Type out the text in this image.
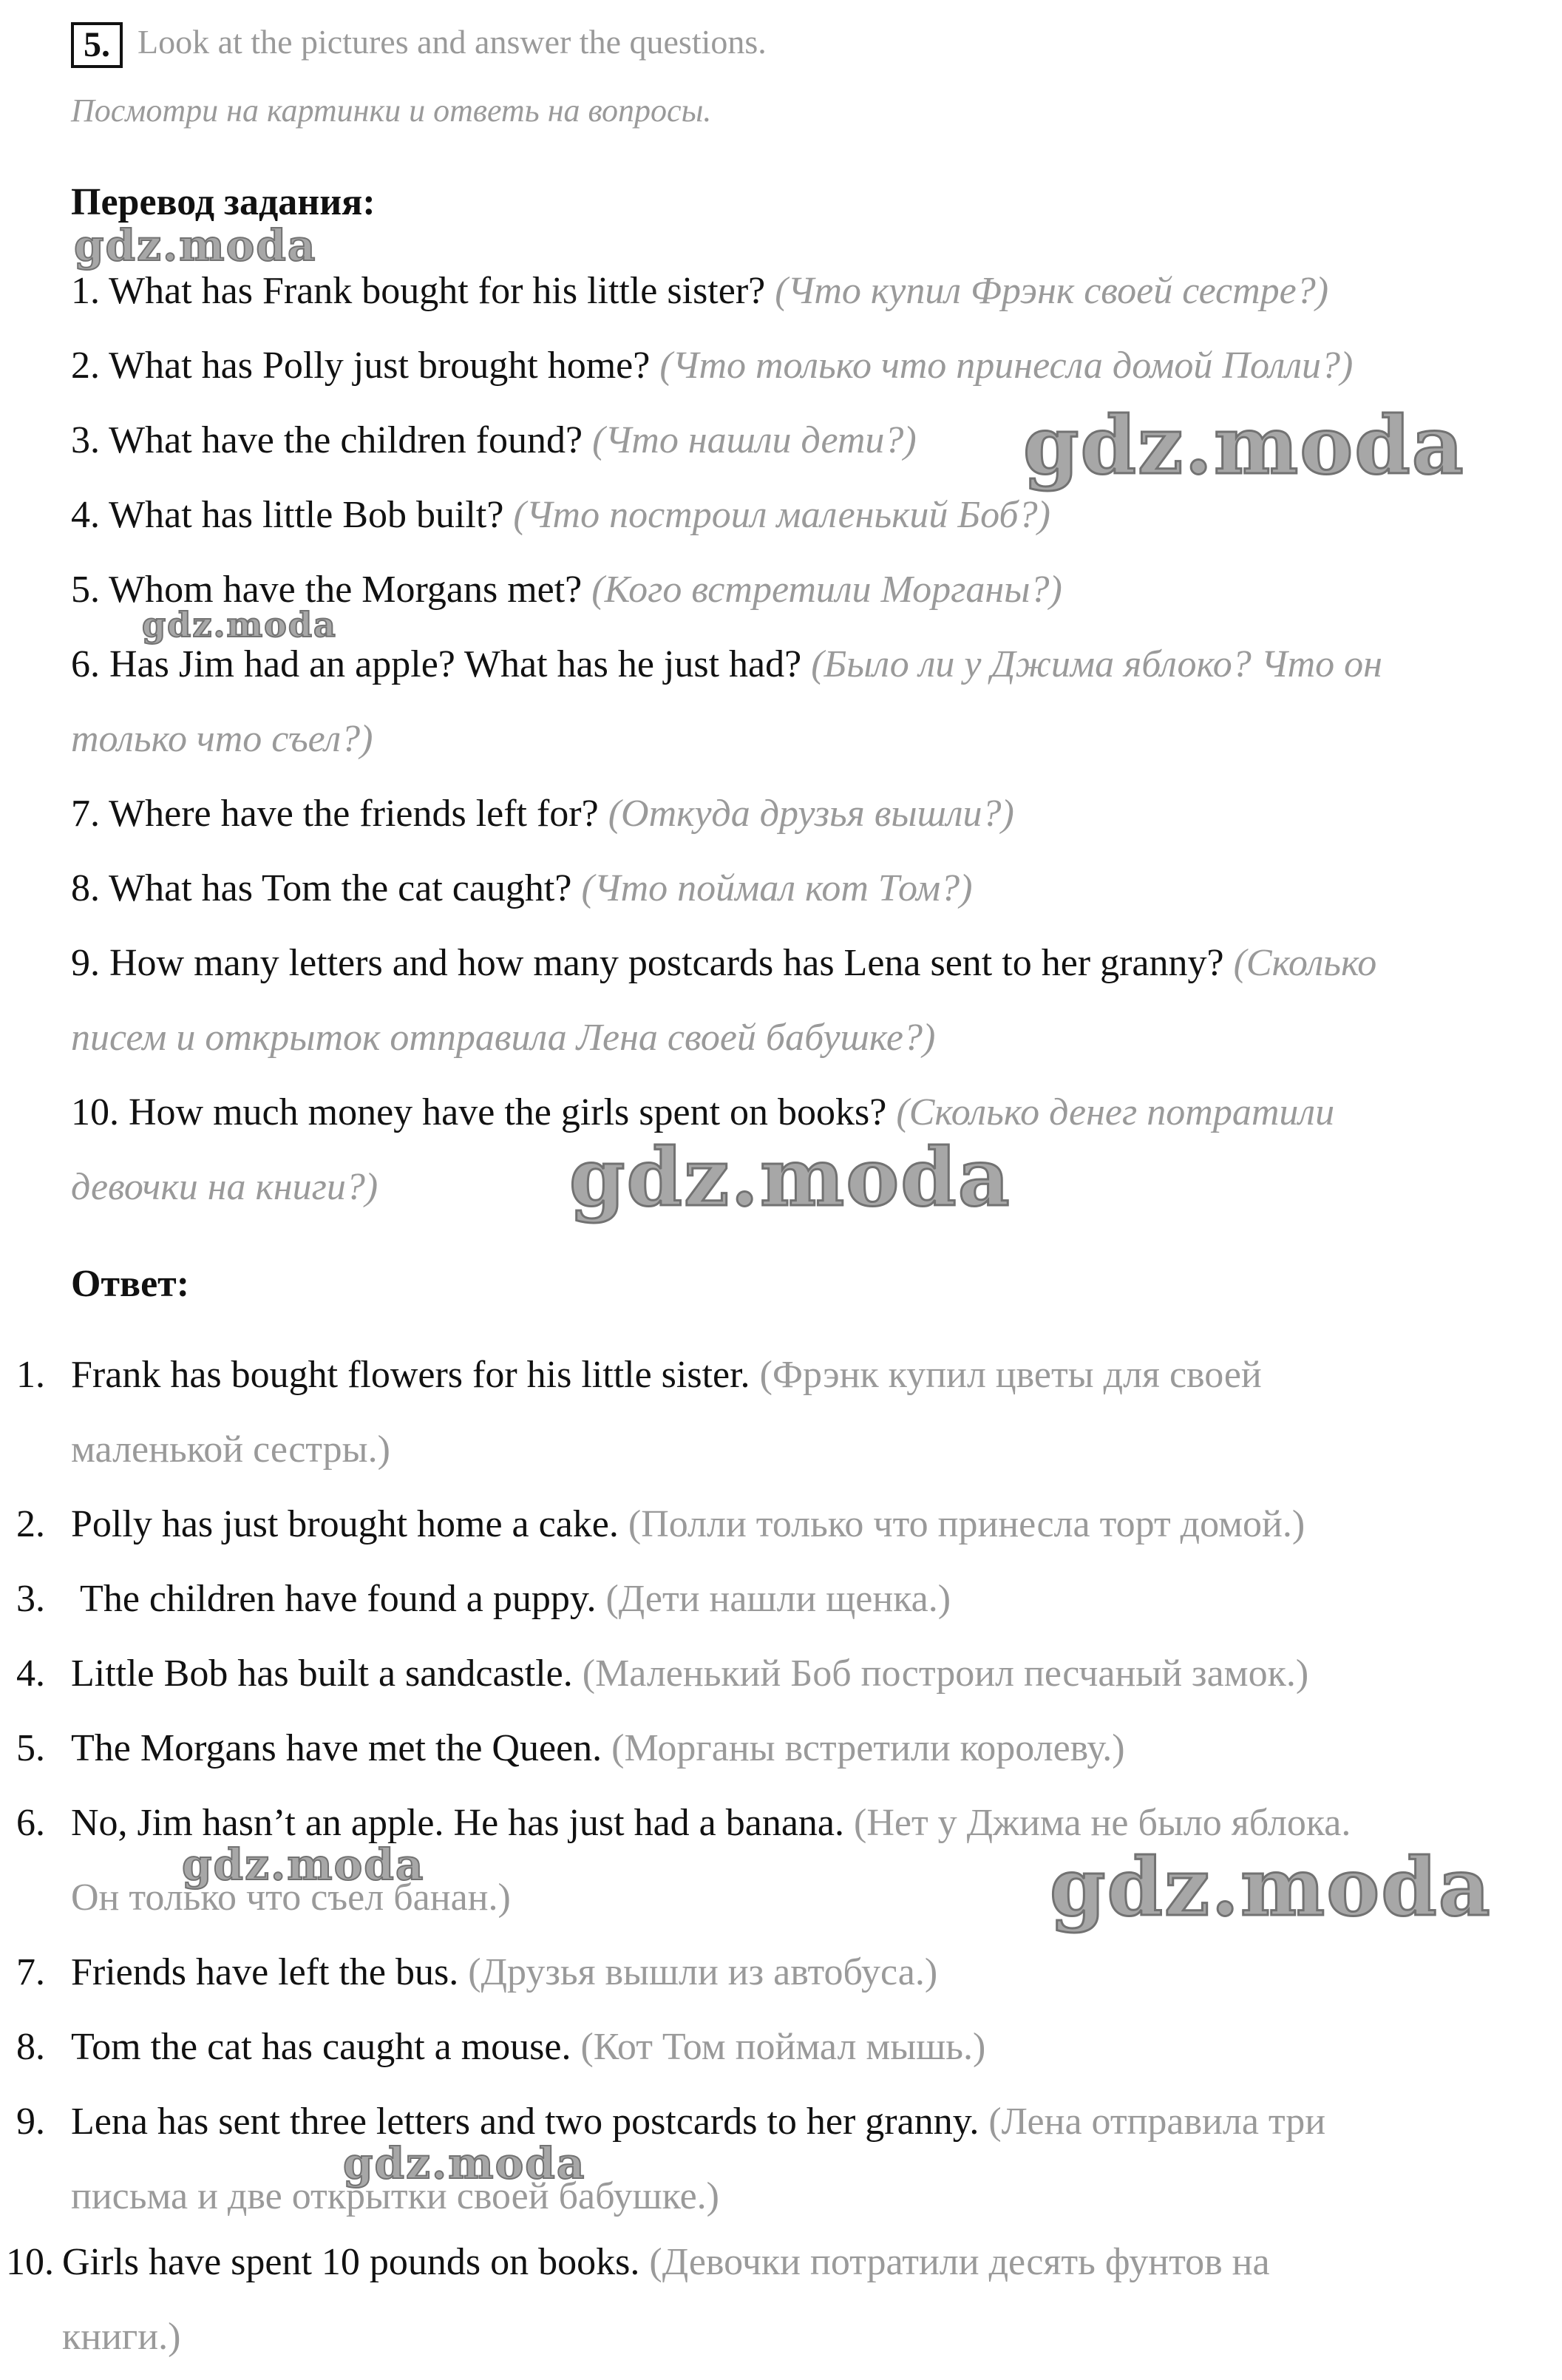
5. Look at the pictures and answer the questions.
Посмотри на картинки и ответь на вопросы.
Перевод задания:
1. What has Frank bought for his little sister? (Что купил Фрэнк своей сестре?)
2. What has Polly just brought home? (Что только что принесла домой Полли?)
3. What have the children found? (Что нашли дети?)
4. What has little Bob built? (Что построил маленький Боб?)
5. Whom have the Morgans met? (Кого встретили Морганы?)
6. Has Jim had an apple? What has he just had? (Было ли у Джима яблоко? Что он
только что съел?)
7. Where have the friends left for? (Откуда друзья вышли?)
8. What has Tom the cat caught? (Что поймал кот Том?)
9. How many letters and how many postcards has Lena sent to her granny? (Сколько
писем и открыток отправила Лена своей бабушке?)
10. How much money have the girls spent on books? (Сколько денег потратили
девочки на книги?)
Ответ:
1. Frank has bought flowers for his little sister. (Фрэнк купил цветы для своей
маленькой сестры.)
2. Polly has just brought home a cake. (Полли только что принесла торт домой.)
3. The children have found a puppy. (Дети нашли щенка.)
4. Little Bob has built a sandcastle. (Маленький Боб построил песчаный замок.)
5. The Morgans have met the Queen. (Морганы встретили королеву.)
6. No, Jim hasn’t an apple. He has just had a banana. (Нет у Джима не было яблока.
Он только что съел банан.)
7. Friends have left the bus. (Друзья вышли из автобуса.)
8. Tom the cat has caught a mouse. (Кот Том поймал мышь.)
9. Lena has sent three letters and two postcards to her granny. (Лена отправила три
письма и две открытки своей бабушке.)
10. Girls have spent 10 pounds on books. (Девочки потратили десять фунтов на
книги.)
gdz.moda
gdz.moda
gdz.moda
gdz.moda
gdz.moda	gdz.moda
gdz.moda
